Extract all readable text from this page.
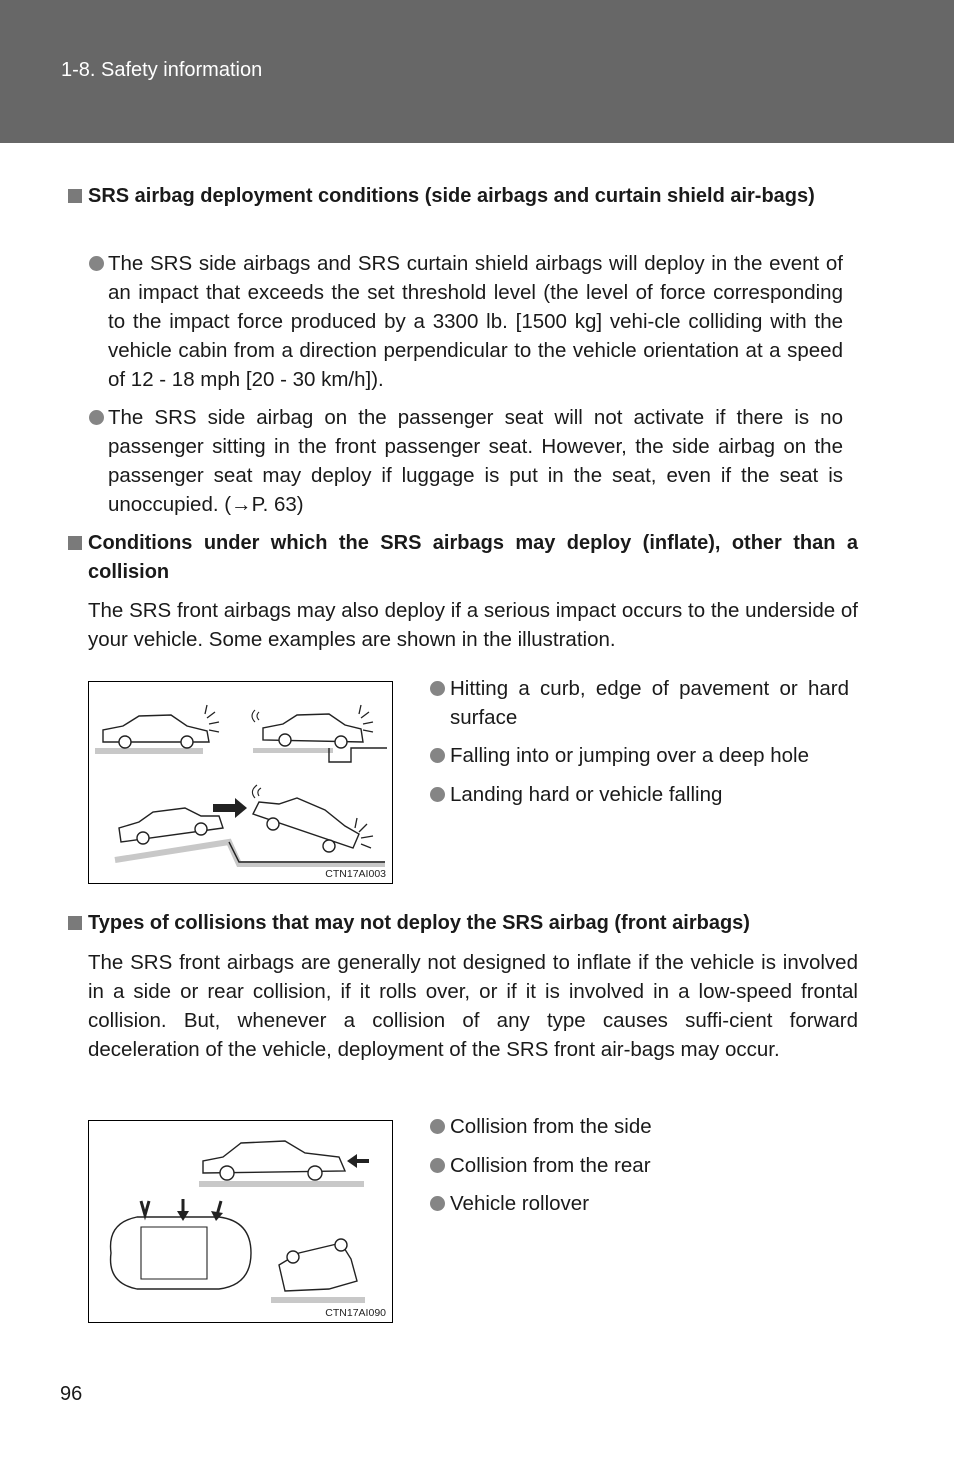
1-8. Safety information
SRS airbag deployment conditions (side airbags and curtain shield air-bags)
The SRS side airbags and SRS curtain shield airbags will deploy in the event of an impact that exceeds the set threshold level (the level of force corresponding to the impact force produced by a 3300 lb. [1500 kg] vehi-cle colliding with the vehicle cabin from a direction perpendicular to the vehicle orientation at a speed of 12 - 18 mph [20 - 30 km/h]).
The SRS side airbag on the passenger seat will not activate if there is no passenger sitting in the front passenger seat. However, the side airbag on the passenger seat may deploy if luggage is put in the seat, even if the seat is unoccupied. (→P. 63)
Conditions under which the SRS airbags may deploy (inflate), other than a collision
The SRS front airbags may also deploy if a serious impact occurs to the underside of your vehicle. Some examples are shown in the illustration.
CTN17AI003
Hitting a curb, edge of pavement or hard surface
Falling into or jumping over a deep hole
Landing hard or vehicle falling
Types of collisions that may not deploy the SRS airbag (front airbags)
The SRS front airbags are generally not designed to inflate if the vehicle is involved in a side or rear collision, if it rolls over, or if it is involved in a low-speed frontal collision. But, whenever a collision of any type causes suffi-cient forward deceleration of the vehicle, deployment of the SRS front air-bags may occur.
CTN17AI090
Collision from the side
Collision from the rear
Vehicle rollover
96
